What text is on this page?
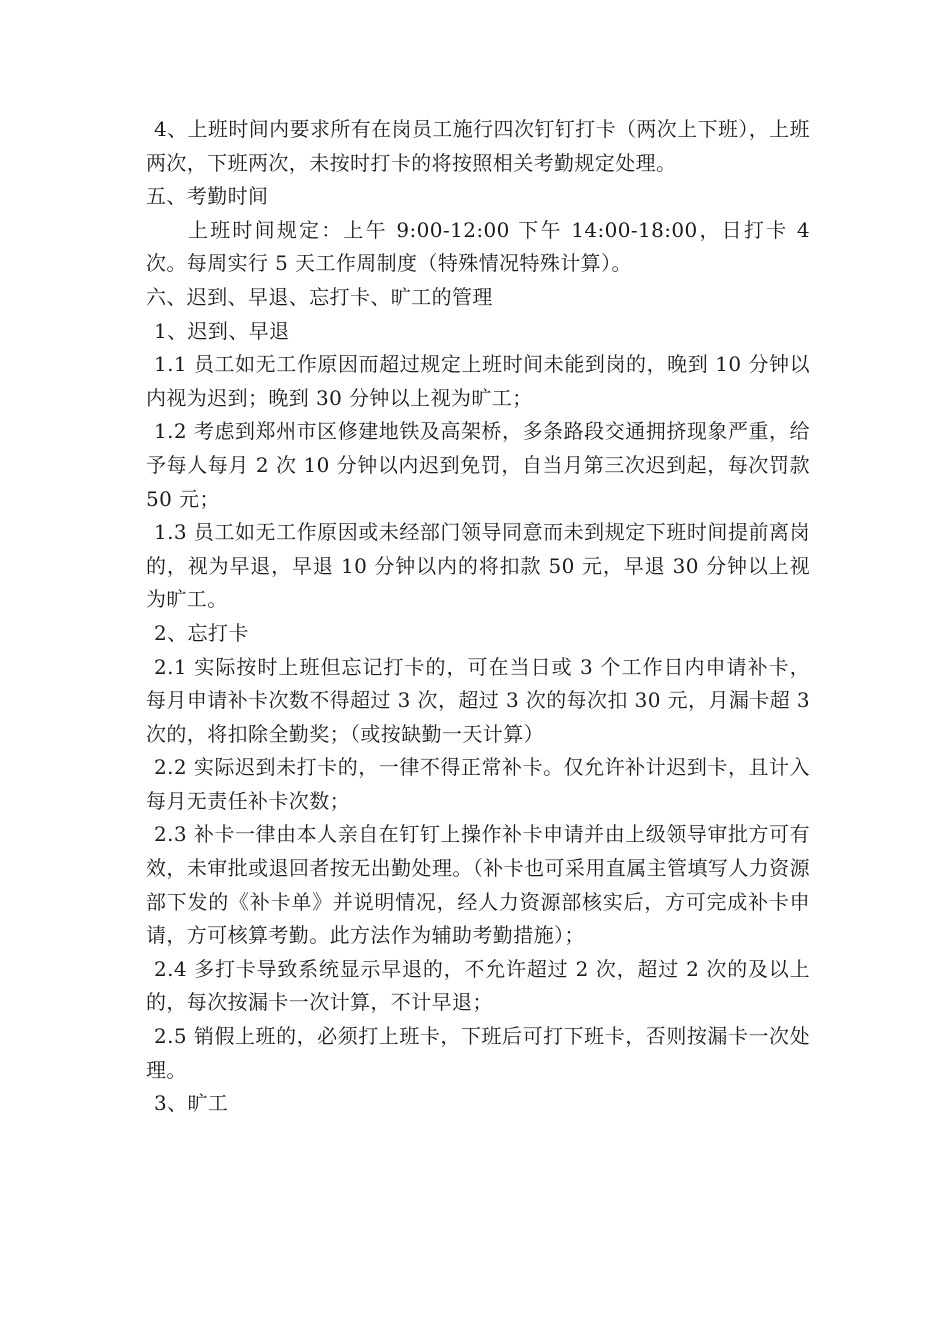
4、上班时间内要求所有在岗员工施行四次钉钉打卡（两次上下班），上班两次，下班两次，未按时打卡的将按照相关考勤规定处理。

五、考勤时间

上班时间规定：上午 9:00-12:00 下午 14:00-18:00，日打卡 4次。每周实行 5 天工作周制度（特殊情况特殊计算）。

六、迟到、早退、忘打卡、旷工的管理

1、迟到、早退

1.1 员工如无工作原因而超过规定上班时间未能到岗的，晚到 10 分钟以内视为迟到；晚到 30 分钟以上视为旷工；

1.2 考虑到郑州市区修建地铁及高架桥，多条路段交通拥挤现象严重，给予每人每月 2 次 10 分钟以内迟到免罚，自当月第三次迟到起，每次罚款 50 元；

1.3 员工如无工作原因或未经部门领导同意而未到规定下班时间提前离岗的，视为早退，早退 10 分钟以内的将扣款 50 元，早退 30 分钟以上视为旷工。

2、忘打卡

2.1 实际按时上班但忘记打卡的，可在当日或 3 个工作日内申请补卡，每月申请补卡次数不得超过 3 次，超过 3 次的每次扣 30 元，月漏卡超 3 次的，将扣除全勤奖；（或按缺勤一天计算）

2.2 实际迟到未打卡的，一律不得正常补卡。仅允许补计迟到卡，且计入每月无责任补卡次数；

2.3 补卡一律由本人亲自在钉钉上操作补卡申请并由上级领导审批方可有效，未审批或退回者按无出勤处理。（补卡也可采用直属主管填写人力资源部下发的《补卡单》并说明情况，经人力资源部核实后，方可完成补卡申请，方可核算考勤。此方法作为辅助考勤措施）；

2.4 多打卡导致系统显示早退的，不允许超过 2 次，超过 2 次的及以上的，每次按漏卡一次计算，不计早退；

2.5 销假上班的，必须打上班卡，下班后可打下班卡，否则按漏卡一次处理。

3、旷工
